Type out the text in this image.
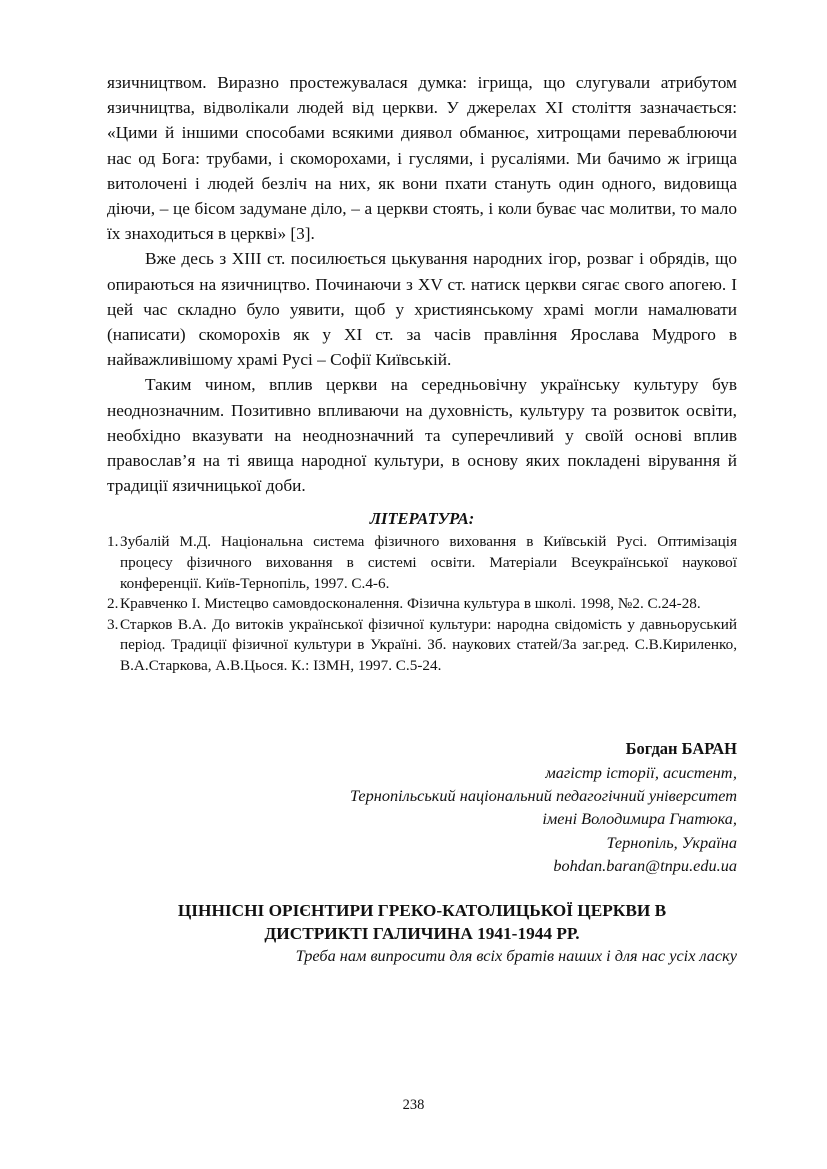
язичництвом. Виразно простежувалася думка: ігрища, що слугували атрибутом язичництва, відволікали людей від церкви. У джерелах ХІ століття зазначається: «Цими й іншими способами всякими диявол обманює, хитрощами переваблюючи нас од Бога: трубами, і скоморохами, і гуслями, і русаліями. Ми бачимо ж ігрища витолочені і людей безліч на них, як вони пхати стануть один одного, видовища діючи, – це бісом задумане діло, – а церкви стоять, і коли буває час молитви, то мало їх знаходиться в церкві» [3].

Вже десь з ХІІІ ст. посилюється цькування народних ігор, розваг і обрядів, що опираються на язичництво. Починаючи з XV ст. натиск церкви сягає свого апогею. І цей час складно було уявити, щоб у християнському храмі могли намалювати (написати) скоморохів як у ХІ ст. за часів правління Ярослава Мудрого в найважливішому храмі Русі – Софії Київській.

Таким чином, вплив церкви на середньовічну українську культуру був неоднозначним. Позитивно впливаючи на духовність, культуру та розвиток освіти, необхідно вказувати на неоднозначний та суперечливий у своїй основі вплив православ’я на ті явища народної культури, в основу яких покладені вірування й традиції язичницької доби.

ЛІТЕРАТУРА:
1. Зубалій М.Д. Національна система фізичного виховання в Київській Русі. Оптимізація процесу фізичного виховання в системі освіти. Матеріали Всеукраїнської наукової конференції. Київ-Тернопіль, 1997. С.4-6.
2. Кравченко І. Мистецво самовдосконалення. Фізична культура в школі. 1998, №2. С.24-28.
3. Старков В.А. До витоків української фізичної культури: народна свідомість у давньоруський період. Традиції фізичної культури в Україні. Зб. наукових статей/За заг.ред. С.В.Кириленко, В.А.Старкова, А.В.Цьося. К.: ІЗМН, 1997. С.5-24.
Богдан БАРАН
магістр історії, асистент,
Тернопільський національний педагогічний університет
імені Володимира Гнатюка,
Тернопіль, Україна
bohdan.baran@tnpu.edu.ua
ЦІННІСНІ ОРІЄНТИРИ ГРЕКО-КАТОЛИЦЬКОЇ ЦЕРКВИ В
ДИСТРИКТІ ГАЛИЧИНА 1941-1944 РР.
Треба нам випросити для всіх братів наших і для нас усіх ласку
238
